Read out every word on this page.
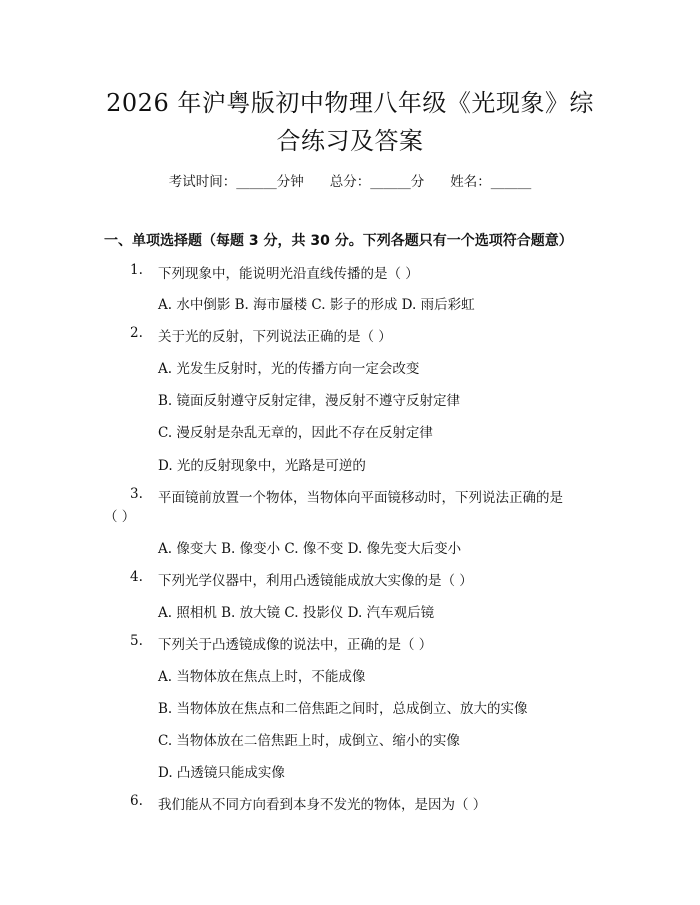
2026 年沪粤版初中物理八年级《光现象》综
合练习及答案
考试时间：______分钟 总分：______分 姓名：______
一、单项选择题（每题 3 分，共 30 分。下列各题只有一个选项符合题意）
1. 下列现象中，能说明光沿直线传播的是（ ）
A. 水中倒影 B. 海市蜃楼 C. 影子的形成 D. 雨后彩虹
2. 关于光的反射，下列说法正确的是（ ）
A. 光发生反射时，光的传播方向一定会改变
B. 镜面反射遵守反射定律，漫反射不遵守反射定律
C. 漫反射是杂乱无章的，因此不存在反射定律
D. 光的反射现象中，光路是可逆的
3. 平面镜前放置一个物体，当物体向平面镜移动时，下列说法正确的是
（ ）
A. 像变大 B. 像变小 C. 像不变 D. 像先变大后变小
4. 下列光学仪器中，利用凸透镜能成放大实像的是（ ）
A. 照相机 B. 放大镜 C. 投影仪 D. 汽车观后镜
5. 下列关于凸透镜成像的说法中，正确的是（ ）
A. 当物体放在焦点上时，不能成像
B. 当物体放在焦点和二倍焦距之间时，总成倒立、放大的实像
C. 当物体放在二倍焦距上时，成倒立、缩小的实像
D. 凸透镜只能成实像
6. 我们能从不同方向看到本身不发光的物体，是因为（ ）
